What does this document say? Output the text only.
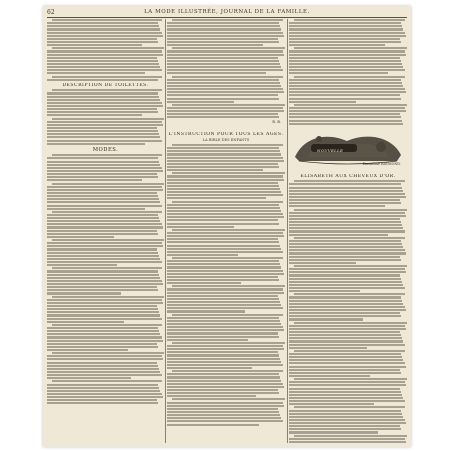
62	LA MODE ILLUSTRÉE, JOURNAL DE LA FAMILLE.
DESCRIPTION DE TOILETTES.
MODES.
R. B.
L'INSTRUCTION POUR TOUS LES AGES.
LA BIBLE DES ENFANTS
NOUVELLE
Emmeline RAYMOND.
ÉLISABETH AUX CHEVEUX D'OR.
